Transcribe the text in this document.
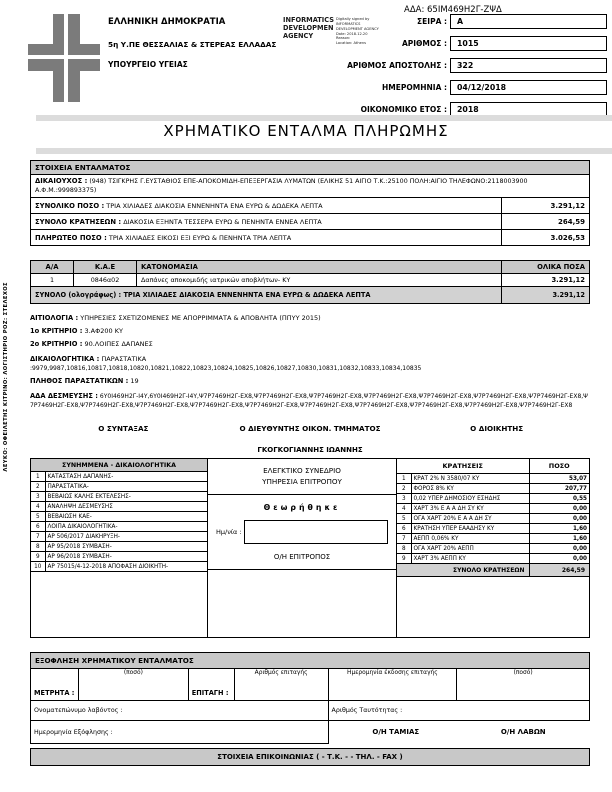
ΛΕΥΚΟ: ΟΦΕΙΛΕΤΗΣ ΚΙΤΡΙΝΟ: ΛΟΓΙΣΤΗΡΙΟ ΡΟΖ: ΣΤΕΛΕΧΟΣ
ΕΛΛΗΝΙΚΗ ΔΗΜΟΚΡΑΤΙΑ
5η Υ.ΠΕ ΘΕΣΣΑΛΙΑΣ & ΣΤΕΡΕΑΣ ΕΛΛΑΔΑΣ
ΥΠΟΥΡΓΕΙΟ ΥΓΕΙΑΣ
INFORMATICS
DEVELOPMEN
AGENCY
Digitally signed by
INFORMATICS
DEVELOPMENT AGENCY
Date: 2018.12.20
Reason:
Location: Athens
ΑΔΑ: 65ΙΜ469Η2Γ-ΖΨΔ
ΣΕΙΡΑ :	Α
ΑΡΙΘΜΟΣ :	1015
ΑΡΙΘΜΟΣ ΑΠΟΣΤΟΛΗΣ :	322
ΗΜΕΡΟΜΗΝΙΑ :	04/12/2018
ΟΙΚΟΝΟΜΙΚΟ ΕΤΟΣ :	2018
ΧΡΗΜΑΤΙΚΟ ΕΝΤΑΛΜΑ ΠΛΗΡΩΜΗΣ
ΣΤΟΙΧΕΙΑ ΕΝΤΑΛΜΑΤΟΣ	
ΔΙΚΑΙΟΥΧΟΣ : (948) ΤΣΙΓΚΡΗΣ Γ.ΕΥΣΤΑΘΙΟΣ ΕΠΕ-ΑΠΟΚΟΜΙΔΗ-ΕΠΕΞΕΡΓΑΣΙΑ ΛΥΜΑΤΩΝ (ΕΛΙΚΗΣ 51 ΑΙΓΙΟ Τ.Κ.:25100 ΠΟΛΗ:ΑΙΓΙΟ ΤΗΛΕΦΩΝΟ:2118003900 Α.Φ.Μ.:999893375)	
ΣΥΝΟΛΙΚΟ ΠΟΣΟ : ΤΡΙΑ ΧΙΛΙΑΔΕΣ ΔΙΑΚΟΣΙΑ ΕΝΝΕΝΗΝΤΑ ΕΝΑ ΕΥΡΩ & ΔΩΔΕΚΑ ΛΕΠΤΑ	3.291,12
ΣΥΝΟΛΟ ΚΡΑΤΗΣΕΩΝ : ΔΙΑΚΟΣΙΑ ΕΞΗΝΤΑ ΤΕΣΣΕΡΑ ΕΥΡΩ & ΠΕΝΗΝΤΑ ΕΝΝΕΑ ΛΕΠΤΑ	264,59
ΠΛΗΡΩΤΕΟ ΠΟΣΟ : ΤΡΙΑ ΧΙΛΙΑΔΕΣ ΕΙΚΟΣΙ ΕΞΙ ΕΥΡΩ & ΠΕΝΗΝΤΑ ΤΡΙΑ ΛΕΠΤΑ	3.026,53
Α/Α	Κ.Α.Ε	ΚΑΤΟΝΟΜΑΣΙΑ	ΟΛΙΚΑ ΠΟΣΑ
1	0846α02	Δαπάνες αποκομιδής ιατρικών αποβλήτων- ΚΥ	3.291,12
ΣΥΝΟΛΟ (ολογράφως) : ΤΡΙΑ ΧΙΛΙΑΔΕΣ ΔΙΑΚΟΣΙΑ ΕΝΝΕΝΗΝΤΑ ΕΝΑ ΕΥΡΩ & ΔΩΔΕΚΑ ΛΕΠΤΑ			3.291,12
ΑΙΤΙΟΛΟΓΙΑ : ΥΠΗΡΕΣΙΕΣ ΣΧΕΤΙΖΟΜΕΝΕΣ ΜΕ ΑΠΟΡΡΙΜΜΑΤΑ & ΑΠΟΒΛΗΤΑ (ΠΠΥΥ 2015)
1ο ΚΡΙΤΗΡΙΟ : 3.ΑΦ200 ΚΥ
2ο ΚΡΙΤΗΡΙΟ : 90.ΛΟΙΠΕΣ ΔΑΠΑΝΕΣ
ΔΙΚΑΙΟΛΟΓΗΤΙΚΑ : ΠΑΡΑΣΤΑΤΙΚΑ
:9979,9987,10816,10817,10818,10820,10821,10822,10823,10824,10825,10826,10827,10830,10831,10832,10833,10834,10835
ΠΛΗΘΟΣ ΠΑΡΑΣΤΑΤΙΚΩΝ : 19
ΑΔΑ ΔΕΣΜΕΥΣΗΣ : 6Υ0Ι469Η2Γ-Ι4Υ,6Υ0Ι469Η2Γ-Ι4Υ,Ψ7Ρ7469Η2Γ-ΕΧ8,Ψ7Ρ7469Η2Γ-ΕΧ8,Ψ7Ρ7469Η2Γ-ΕΧ8,Ψ7Ρ7469Η2Γ-ΕΧ8,Ψ7Ρ7469Η2Γ-ΕΧ8,Ψ7Ρ7469Η2Γ-ΕΧ8,Ψ7Ρ7469Η2Γ-ΕΧ8,Ψ7Ρ7469Η2Γ-ΕΧ8,Ψ7Ρ7469Η2Γ-ΕΧ8,Ψ7Ρ7469Η2Γ-ΕΧ8,Ψ7Ρ7469Η2Γ-ΕΧ8,Ψ7Ρ7469Η2Γ-ΕΧ8,Ψ7Ρ7469Η2Γ-ΕΧ8,Ψ7Ρ7469Η2Γ-ΕΧ8,Ψ7Ρ7469Η2Γ-ΕΧ8,Ψ7Ρ7469Η2Γ-ΕΧ8,Ψ7Ρ7469Η2Γ-ΕΧ8
Ο ΣΥΝΤΑΞΑΣ	Ο ΔΙΕΥΘΥΝΤΗΣ ΟΙΚΟΝ. ΤΜΗΜΑΤΟΣ
ΓΚΟΓΚΟΓΙΑΝΝΗΣ ΙΩΑΝΝΗΣ
Ο ΔΙΟΙΚΗΤΗΣ
ΣΥΝΗΜΜΕΝΑ - ΔΙΚΑΙΟΛΟΓΗΤΙΚΑ	
1	ΚΑΤΑΣΤΑΣΗ ΔΑΠΑΝΗΣ-
2	ΠΑΡΑΣΤΑΤΙΚΑ-
3	ΒΕΒΑΙΩΣ ΚΑΛΗΣ ΕΚΤΕΛΕΣΗΣ-
4	ΑΝΑΛΗΨΗ ΔΕΣΜΕΥΣΗΣ
5	ΒΕΒΑΙΩΣΗ ΚΑΕ-
6	ΛΟΙΠΑ ΔΙΚΑΙΟΛΟΓΗΤΙΚΑ-
7	ΑΡ 506/2017 ΔΙΑΚΗΡΥΞΗ-
8	ΑΡ 95/2018 ΣΥΜΒΑΣΗ-
9	ΑΡ 96/2018 ΣΥΜΒΑΣΗ-
10	ΑΡ 75015/4-12-2018 ΑΠΟΦΑΣΗ ΔΙΟΙΚΗΤΗ-
ΕΛΕΓΚΤΙΚΟ ΣΥΝΕΔΡΙΟ
ΥΠΗΡΕΣΙΑ ΕΠΙΤΡΟΠΟΥ
Θεωρήθηκε
Ημ/νία :
Ο/Η ΕΠΙΤΡΟΠΟΣ
ΚΡΑΤΗΣΕΙΣ		ΠΟΣΟ
1	ΚΡΑΤ 2% Ν 3580/07 ΚΥ	53,07
2	ΦΟΡΟΣ 8% ΚΥ	207,77
3	0,02 ΥΠΕΡ ΔΗΜΟΣΙΟΥ ΕΣΗΔΗΣ	0,55
4	ΧΑΡΤ 3% Ε Α Α ΔΗ ΣΥ ΚΥ	0,00
5	ΟΓΑ ΧΑΡΤ 20% Ε Α Α ΔΗ ΣΥ	0,00
6	ΚΡΑΤΗΣΗ ΥΠΕΡ ΕΑΑΔΗΣΥ ΚΥ	1,60
7	ΑΕΠΠ 0,06% ΚΥ	1,60
8	ΟΓΑ ΧΑΡΤ 20% ΑΕΠΠ	0,00
9	ΧΑΡΤ 3% ΑΕΠΠ ΚΥ	0,00
ΣΥΝΟΛΟ ΚΡΑΤΗΣΕΩΝ		264,59
ΕΞΟΦΛΗΣΗ ΧΡΗΜΑΤΙΚΟΥ ΕΝΤΑΛΜΑΤΟΣ
ΜΕΤΡΗΤΑ :	(ποσό)	ΕΠΙΤΑΓΗ :	Αριθμός επιταγής	Ημερομηνία έκδοσης επιταγής	(ποσό)
Ονοματεπώνυμο λαβόντος :				Αριθμός Ταυτότητας :	
Ημερομηνία Εξόφλησης :				Ο/Η ΤΑΜΙΑΣ Ο/Η ΛΑΒΩΝ	
ΣΤΟΙΧΕΙΑ ΕΠΙΚΟΙΝΩΝΙΑΣ ( - Τ.Κ. - - ΤΗΛ. - FAX )
